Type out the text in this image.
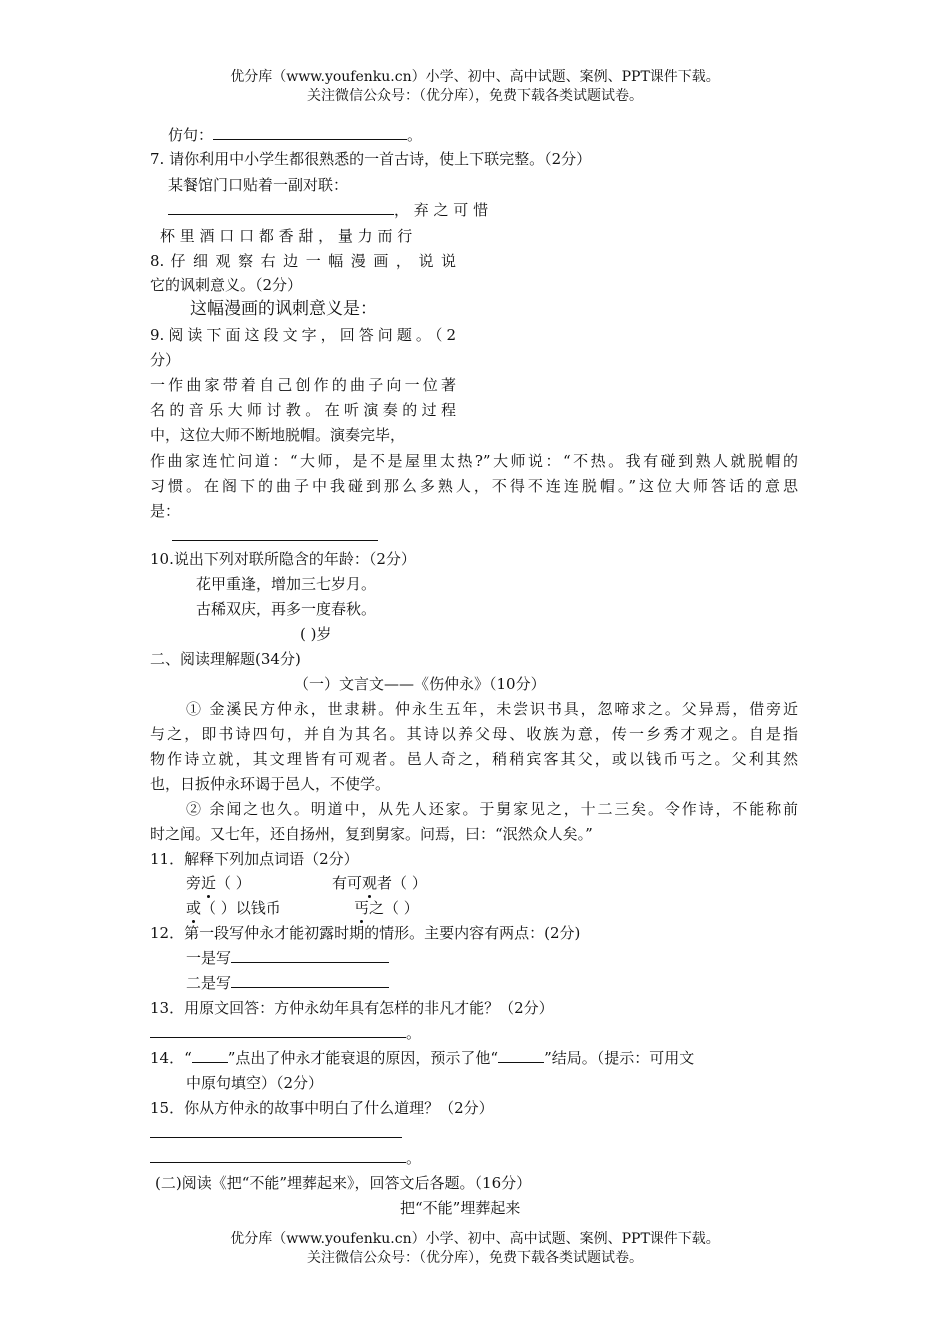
优分库（www.youfenku.cn）小学、初中、高中试题、案例、PPT课件下载。
关注微信公众号：（优分库），免费下载各类试题试卷。
仿句：	。
7. 请你利用中小学生都很熟悉的一首古诗，使上下联完整。（2分）
某餐馆门口贴着一副对联：
， 弃 之 可 惜
杯 里 酒 口 口 都 香 甜 ， 量 力 而 行
8. 仔 细 观 察 右 边 一 幅 漫 画 ， 说 说
它的讽刺意义。（2分）
这幅漫画的讽刺意义是：
9.阅读下面这段文字，回答问题。（2
分）
一作曲家带着自己创作的曲子向一位著
名的音乐大师讨教。在听演奏的过程
中，这位大师不断地脱帽。演奏完毕，
作曲家连忙问道：“大师，是不是屋里太热?”大师说：“不热。我有碰到熟人就脱帽的
习惯。在阁下的曲子中我碰到那么多熟人，不得不连连脱帽。”这位大师答话的意思
是：
10.说出下列对联所隐含的年龄：（2分）
花甲重逢，增加三七岁月。
古稀双庆，再多一度春秋。
( )岁
二、阅读理解题(34分)
（一）文言文——《伤仲永》（10分）
① 金溪民方仲永，世隶耕。仲永生五年，未尝识书具，忽啼求之。父异焉，借旁近
与之，即书诗四句，并自为其名。其诗以养父母、收族为意，传一乡秀才观之。自是指
物作诗立就，其文理皆有可观者。邑人奇之，稍稍宾客其父，或以钱币丐之。父利其然
也，日扳仲永环谒于邑人，不使学。
② 余闻之也久。明道中，从先人还家。于舅家见之，十二三矣。令作诗，不能称前
时之闻。又七年，还自扬州，复到舅家。问焉，曰：“泯然众人矣。”
11．解释下列加点词语（2分）
旁近（ ）	有可观者（ ）
或（ ）以钱币	丐之（ ）
12．第一段写仲永才能初露时期的情形。主要内容有两点：(2分)
一是写
二是写
13．用原文回答：方仲永幼年具有怎样的非凡才能？（2分）
。
14．“ ”点出了仲永才能衰退的原因，预示了他“	”结局。（提示：可用文
中原句填空）（2分）
15．你从方仲永的故事中明白了什么道理？（2分）
。
(二)阅读《把“不能”埋葬起来》，回答文后各题。（16分）
把“不能”埋葬起来
优分库（www.youfenku.cn）小学、初中、高中试题、案例、PPT课件下载。
关注微信公众号：（优分库），免费下载各类试题试卷。
